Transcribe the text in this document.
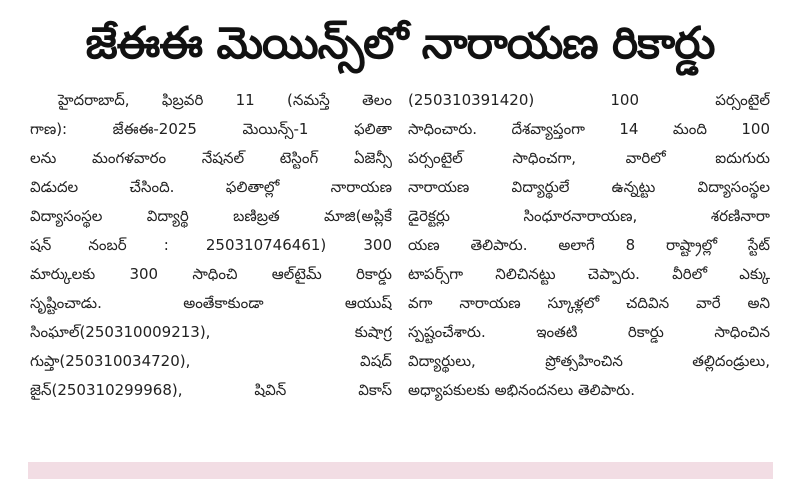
జేఈఈ మెయిన్స్‌లో నారాయణ రికార్డు
హైదరాబాద్, ఫిబ్రవరి 11 (నమస్తే తెలం
గాణ): జేఈఈ-2025 మెయిన్స్-1 ఫలితా
లను మంగళవారం నేషనల్ టెస్టింగ్ ఏజెన్సీ
విడుదల చేసింది. ఫలితాల్లో నారాయణ
విద్యాసంస్థల విద్యార్థి బణిబ్రత మాజి(అప్లికే
షన్ నంబర్ : 250310746461) 300
మార్కులకు 300 సాధించి ఆల్‌టైమ్ రికార్డు
సృష్టించాడు. అంతేకాకుండా ఆయుష్
సింఘాల్(250310009213), కుషాగ్ర
గుప్తా(250310034720), విషద్
జైన్(250310299968), షివిన్ వికాస్
(250310391420) 100 పర్సంటైల్
సాధించారు. దేశవ్యాప్తంగా 14 మంది 100
పర్సంటైల్ సాధించగా, వారిలో ఐదుగురు
నారాయణ విద్యార్థులే ఉన్నట్టు విద్యాసంస్థల
డైరెక్టర్లు సింధూరనారాయణ, శరణినారా
యణ తెలిపారు. అలాగే 8 రాష్ట్రాల్లో స్టేట్
టాపర్స్‌గా నిలిచినట్టు చెప్పారు. వీరిలో ఎక్కు
వగా నారాయణ స్కూళ్లలో చదివిన వారే అని
స్పష్టంచేశారు. ఇంతటి రికార్డు సాధించిన
విద్యార్థులు, ప్రోత్సహించిన తల్లిదండ్రులు,
అధ్యాపకులకు అభినందనలు తెలిపారు.
